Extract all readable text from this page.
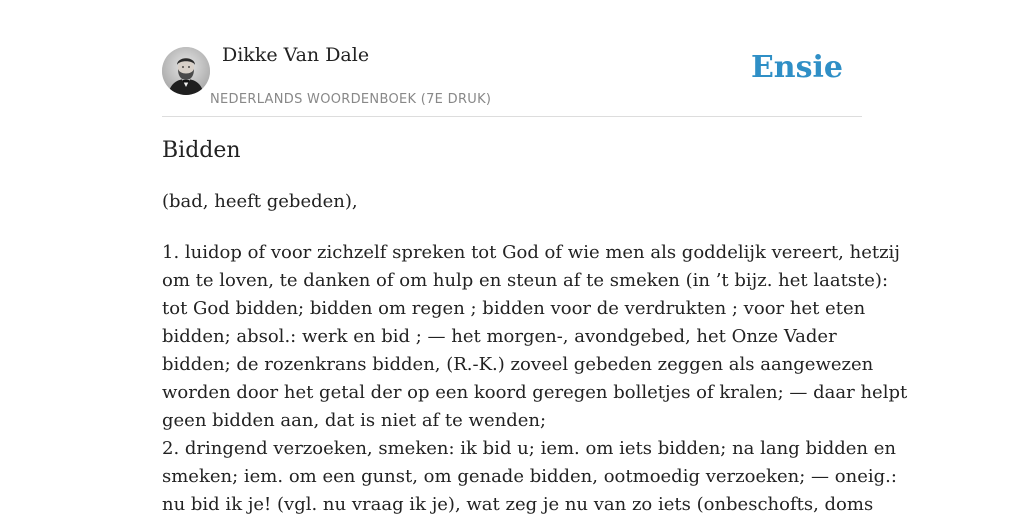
Dikke Van Dale
NEDERLANDS WOORDENBOEK (7E DRUK)
Ensie
Bidden

(bad, heeft gebeden),

1. luidop of voor zichzelf spreken tot God of wie men als goddelijk vereert, hetzij
om te loven, te danken of om hulp en steun af te smeken (in ’t bijz. het laatste):
tot God bidden; bidden om regen ; bidden voor de verdrukten ; voor het eten
bidden; absol.: werk en bid ; — het morgen-, avondgebed, het Onze Vader
bidden; de rozenkrans bidden, (R.-K.) zoveel gebeden zeggen als aangewezen
worden door het getal der op een koord geregen bolletjes of kralen; — daar helpt
geen bidden aan, dat is niet af te wenden;
2. dringend verzoeken, smeken: ik bid u; iem. om iets bidden; na lang bidden en
smeken; iem. om een gunst, om genade bidden, ootmoedig verzoeken; — oneig.:
nu bid ik je! (vgl. nu vraag ik je), wat zeg je nu van zo iets (onbeschofts, doms
